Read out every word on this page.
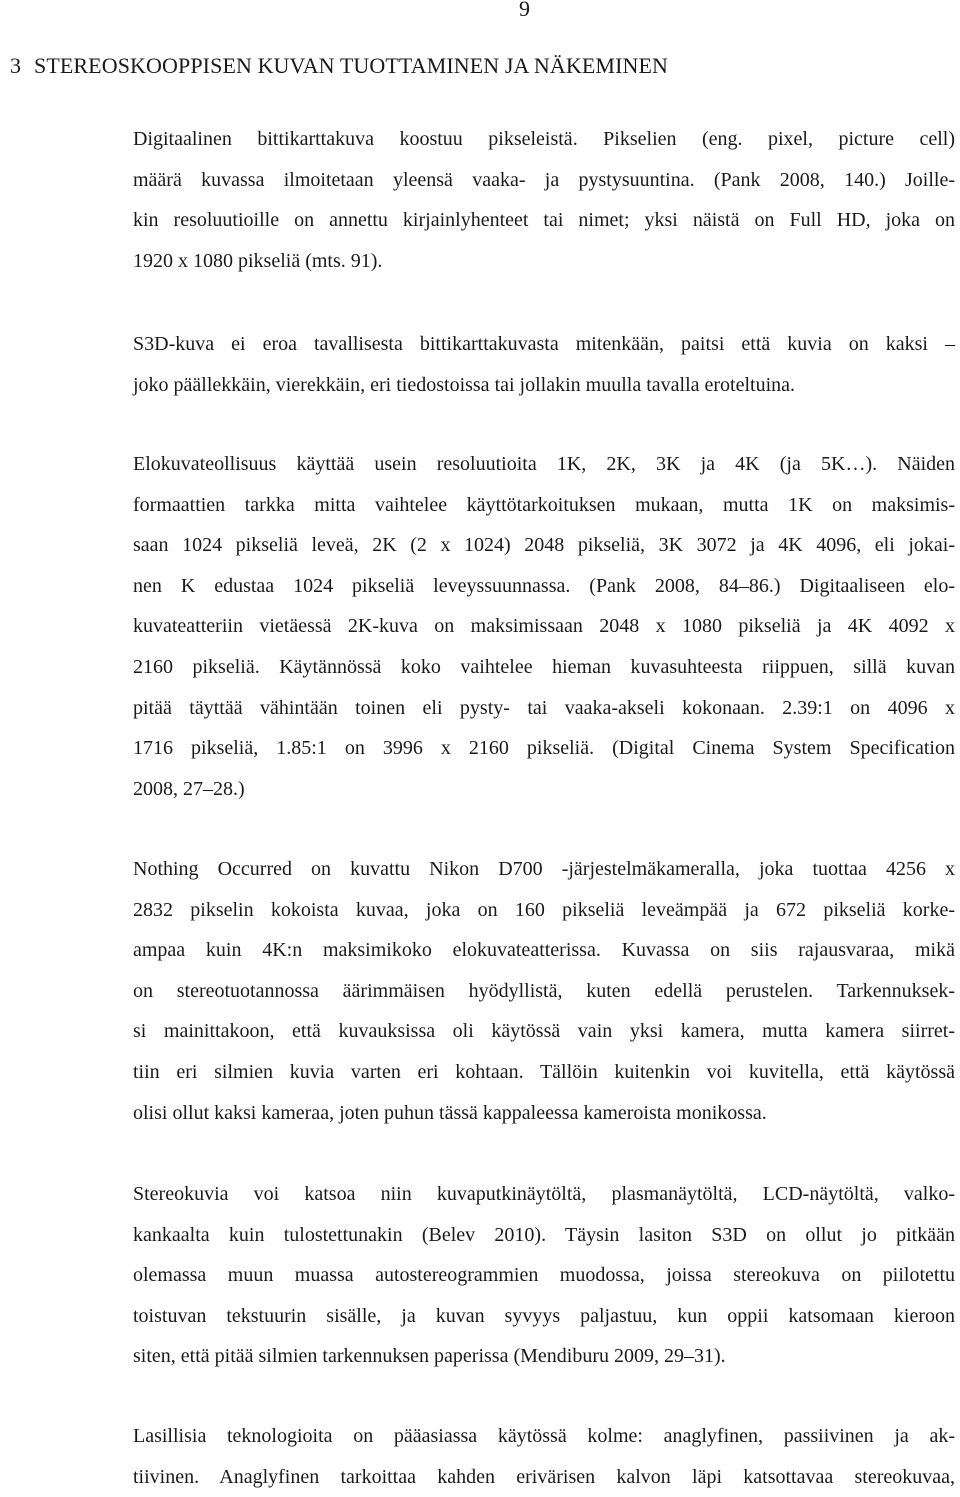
9
3 STEREOSKOOPPISEN KUVAN TUOTTAMINEN JA NÄKEMINEN
Digitaalinen bittikarttakuva koostuu pikseleistä. Pikselien (eng. pixel, picture cell)
määrä kuvassa ilmoitetaan yleensä vaaka- ja pystysuuntina. (Pank 2008, 140.) Joille-
kin resoluutioille on annettu kirjainlyhenteet tai nimet; yksi näistä on Full HD, joka on
1920 x 1080 pikseliä (mts. 91).
S3D-kuva ei eroa tavallisesta bittikarttakuvasta mitenkään, paitsi että kuvia on kaksi –
joko päällekkäin, vierekkäin, eri tiedostoissa tai jollakin muulla tavalla eroteltuina.
Elokuvateollisuus käyttää usein resoluutioita 1K, 2K, 3K ja 4K (ja 5K…). Näiden
formaattien tarkka mitta vaihtelee käyttötarkoituksen mukaan, mutta 1K on maksimis-
saan 1024 pikseliä leveä, 2K (2 x 1024) 2048 pikseliä, 3K 3072 ja 4K 4096, eli jokai-
nen K edustaa 1024 pikseliä leveyssuunnassa. (Pank 2008, 84–86.) Digitaaliseen elo-
kuvateatteriin vietäessä 2K-kuva on maksimissaan 2048 x 1080 pikseliä ja 4K 4092 x
2160 pikseliä. Käytännössä koko vaihtelee hieman kuvasuhteesta riippuen, sillä kuvan
pitää täyttää vähintään toinen eli pysty- tai vaaka-akseli kokonaan. 2.39:1 on 4096 x
1716 pikseliä, 1.85:1 on 3996 x 2160 pikseliä. (Digital Cinema System Specification
2008, 27–28.)
Nothing Occurred on kuvattu Nikon D700 -järjestelmäkameralla, joka tuottaa 4256 x
2832 pikselin kokoista kuvaa, joka on 160 pikseliä leveämpää ja 672 pikseliä korke-
ampaa kuin 4K:n maksimikoko elokuvateatterissa. Kuvassa on siis rajausvaraa, mikä
on stereotuotannossa äärimmäisen hyödyllistä, kuten edellä perustelen. Tarkennuksek-
si mainittakoon, että kuvauksissa oli käytössä vain yksi kamera, mutta kamera siirret-
tiin eri silmien kuvia varten eri kohtaan. Tällöin kuitenkin voi kuvitella, että käytössä
olisi ollut kaksi kameraa, joten puhun tässä kappaleessa kameroista monikossa.
Stereokuvia voi katsoa niin kuvaputkinäytöltä, plasmanäytöltä, LCD-näytöltä, valko-
kankaalta kuin tulostettunakin (Belev 2010). Täysin lasiton S3D on ollut jo pitkään
olemassa muun muassa autostereogrammien muodossa, joissa stereokuva on piilotettu
toistuvan tekstuurin sisälle, ja kuvan syvyys paljastuu, kun oppii katsomaan kieroon
siten, että pitää silmien tarkennuksen paperissa (Mendiburu 2009, 29–31).
Lasillisia teknologioita on pääasiassa käytössä kolme: anaglyfinen, passiivinen ja ak-
tiivinen. Anaglyfinen tarkoittaa kahden erivärisen kalvon läpi katsottavaa stereokuvaa,
